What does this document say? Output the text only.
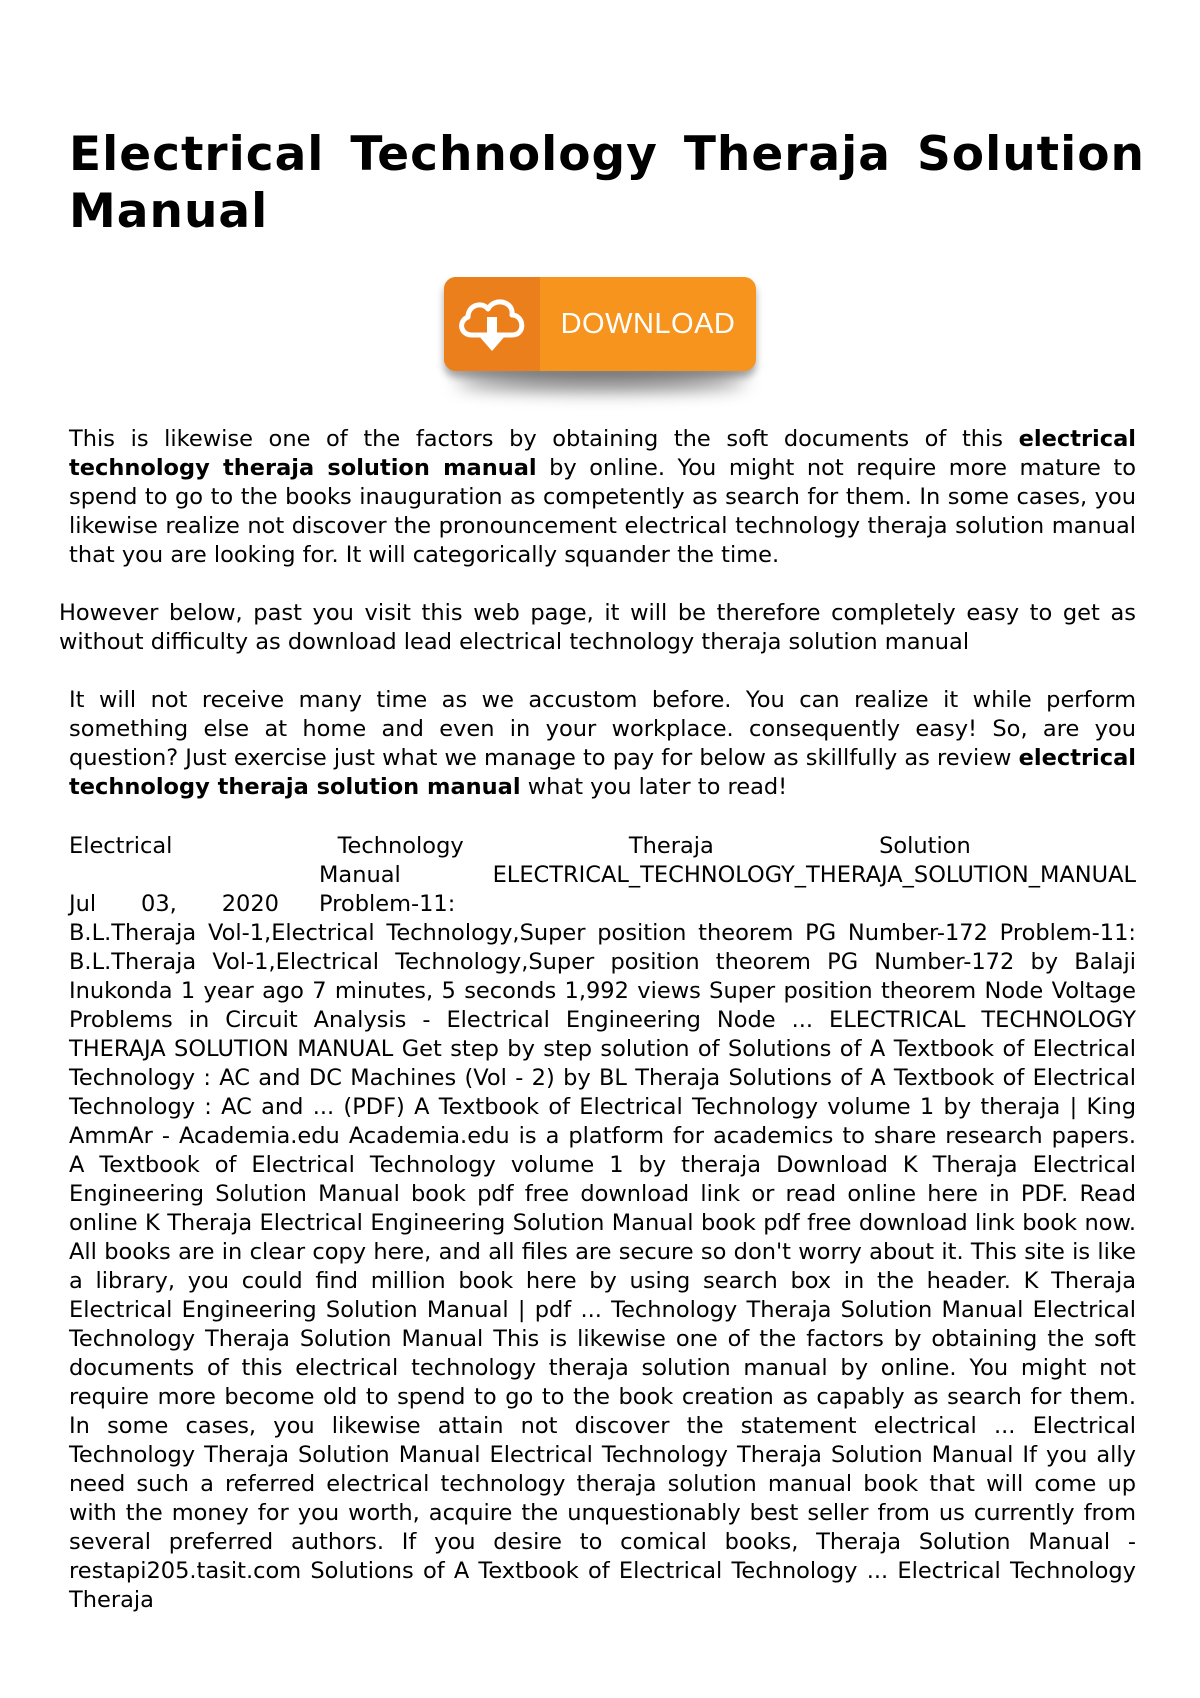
Electrical Technology Theraja Solution Manual
DOWNLOAD

This is likewise one of the factors by obtaining the soft documents of this electrical technology theraja solution manual by online. You might not require more mature to spend to go to the books inauguration as competently as search for them. In some cases, you likewise realize not discover the pronouncement electrical technology theraja solution manual that you are looking for. It will categorically squander the time.

However below, past you visit this web page, it will be therefore completely easy to get as without difficulty as download lead electrical technology theraja solution manual

It will not receive many time as we accustom before. You can realize it while perform something else at home and even in your workplace. consequently easy! So, are you question? Just exercise just what we manage to pay for below as skillfully as review electrical technology theraja solution manual what you later to read!

Electrical	Technology	Theraja	Solution
Manual	ELECTRICAL_TECHNOLOGY_THERAJA_SOLUTION_MANUAL
Jul 03, 2020 Problem-11:
B.L.Theraja Vol-1,Electrical Technology,Super position theorem PG Number-172 Problem-11: B.L.Theraja Vol-1,Electrical Technology,Super position theorem PG Number-172 by Balaji Inukonda 1 year ago 7 minutes, 5 seconds 1,992 views Super position theorem Node Voltage Problems in Circuit Analysis - Electrical Engineering Node ... ELECTRICAL TECHNOLOGY THERAJA SOLUTION MANUAL Get step by step solution of Solutions of A Textbook of Electrical Technology : AC and DC Machines (Vol - 2) by BL Theraja Solutions of A Textbook of Electrical Technology : AC and ... (PDF) A Textbook of Electrical Technology volume 1 by theraja | King AmmAr - Academia.edu Academia.edu is a platform for academics to share research papers. A Textbook of Electrical Technology volume 1 by theraja Download K Theraja Electrical Engineering Solution Manual book pdf free download link or read online here in PDF. Read online K Theraja Electrical Engineering Solution Manual book pdf free download link book now. All books are in clear copy here, and all files are secure so don't worry about it. This site is like a library, you could find million book here by using search box in the header. K Theraja Electrical Engineering Solution Manual | pdf ... Technology Theraja Solution Manual Electrical Technology Theraja Solution Manual This is likewise one of the factors by obtaining the soft documents of this electrical technology theraja solution manual by online. You might not require more become old to spend to go to the book creation as capably as search for them. In some cases, you likewise attain not discover the statement electrical ... Electrical Technology Theraja Solution Manual Electrical Technology Theraja Solution Manual If you ally need such a referred electrical technology theraja solution manual book that will come up with the money for you worth, acquire the unquestionably best seller from us currently from several preferred authors. If you desire to comical books, Theraja Solution Manual - restapi205.tasit.com Solutions of A Textbook of Electrical Technology ... Electrical Technology Theraja
